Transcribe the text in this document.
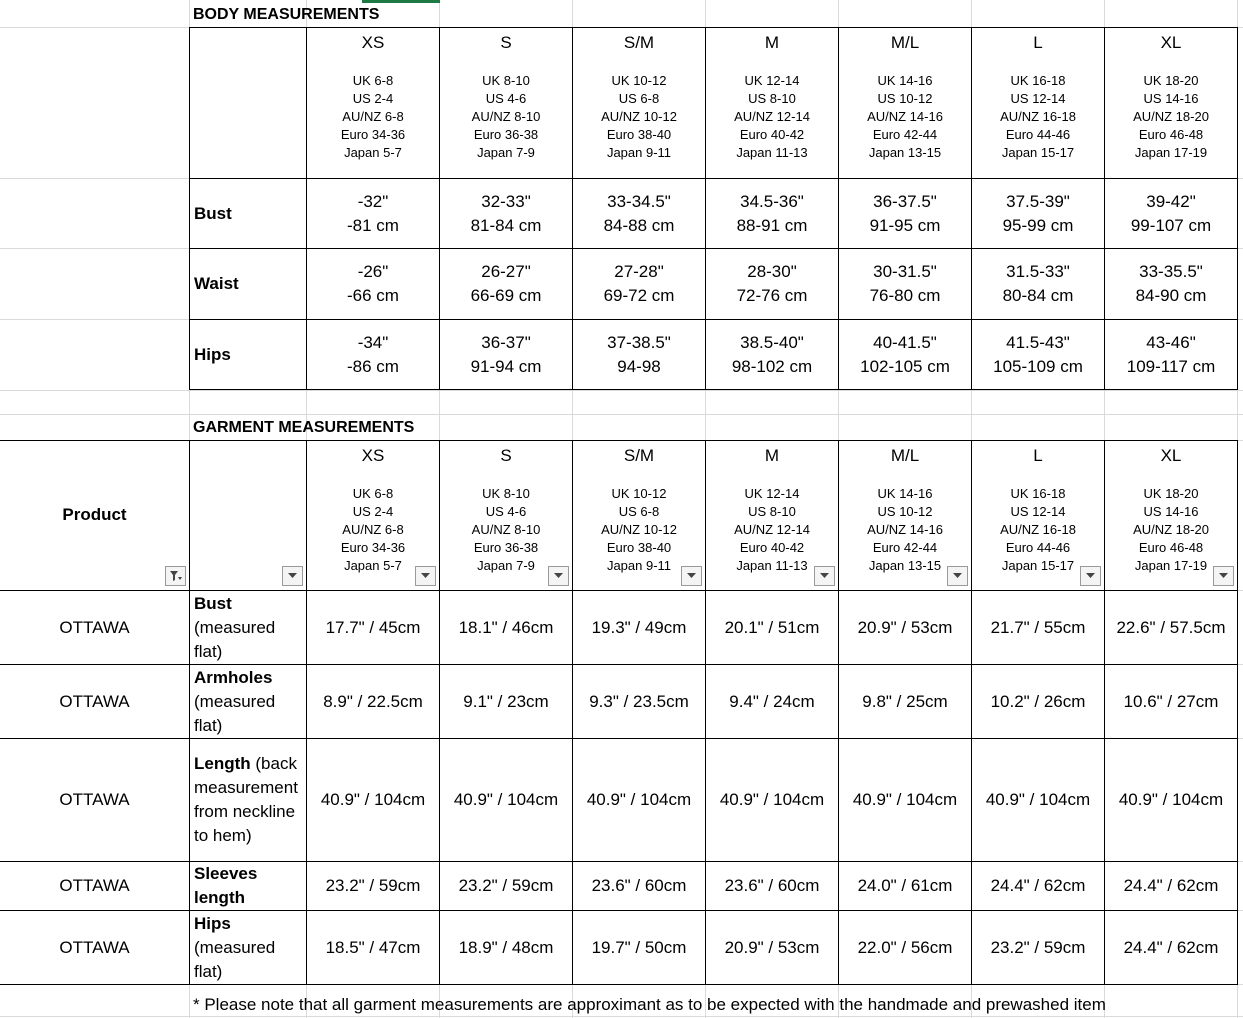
BODY MEASUREMENTS
XS
UK 6-8
US 2-4
AU/NZ 6-8
Euro 34-36
Japan 5-7
S
UK 8-10
US 4-6
AU/NZ 8-10
Euro 36-38
Japan 7-9
S/M
UK 10-12
US 6-8
AU/NZ 10-12
Euro 38-40
Japan 9-11
M
UK 12-14
US 8-10
AU/NZ 12-14
Euro 40-42
Japan 11-13
M/L
UK 14-16
US 10-12
AU/NZ 14-16
Euro 42-44
Japan 13-15
L
UK 16-18
US 12-14
AU/NZ 16-18
Euro 44-46
Japan 15-17
XL
UK 18-20
US 14-16
AU/NZ 18-20
Euro 46-48
Japan 17-19
Bust
-32"
-81 cm
32-33"
81-84 cm
33-34.5"
84-88 cm
34.5-36"
88-91 cm
36-37.5"
91-95 cm
37.5-39"
95-99 cm
39-42"
99-107 cm
Waist
-26"
-66 cm
26-27"
66-69 cm
27-28"
69-72 cm
28-30"
72-76 cm
30-31.5"
76-80 cm
31.5-33"
80-84 cm
33-35.5"
84-90 cm
Hips
-34"
-86 cm
36-37"
91-94 cm
37-38.5"
94-98
38.5-40"
98-102 cm
40-41.5"
102-105 cm
41.5-43"
105-109 cm
43-46"
109-117 cm
GARMENT MEASUREMENTS
Product
XS
UK 6-8
US 2-4
AU/NZ 6-8
Euro 34-36
Japan 5-7
S
UK 8-10
US 4-6
AU/NZ 8-10
Euro 36-38
Japan 7-9
S/M
UK 10-12
US 6-8
AU/NZ 10-12
Euro 38-40
Japan 9-11
M
UK 12-14
US 8-10
AU/NZ 12-14
Euro 40-42
Japan 11-13
M/L
UK 14-16
US 10-12
AU/NZ 14-16
Euro 42-44
Japan 13-15
L
UK 16-18
US 12-14
AU/NZ 16-18
Euro 44-46
Japan 15-17
XL
UK 18-20
US 14-16
AU/NZ 18-20
Euro 46-48
Japan 17-19
OTTAWA
Bust
(measured
flat)
17.7" / 45cm 18.1" / 46cm 19.3" / 49cm 20.1" / 51cm 20.9" / 53cm 21.7" / 55cm 22.6" / 57.5cm
OTTAWA
Armholes
(measured
flat)
8.9" / 22.5cm 9.1" / 23cm 9.3" / 23.5cm 9.4" / 24cm	9.8" / 25cm	10.2" / 26cm 10.6" / 27cm
OTTAWA
Length (back
measurement
from neckline
to hem)
40.9" / 104cm 40.9" / 104cm 40.9" / 104cm 40.9" / 104cm 40.9" / 104cm 40.9" / 104cm 40.9" / 104cm
OTTAWA
Sleeves
length
23.2" / 59cm 23.2" / 59cm 23.6" / 60cm 23.6" / 60cm 24.0" / 61cm 24.4" / 62cm 24.4" / 62cm
OTTAWA
Hips
(measured
flat)
18.5" / 47cm 18.9" / 48cm 19.7" / 50cm 20.9" / 53cm 22.0" / 56cm 23.2" / 59cm 24.4" / 62cm
* Please note that all garment measurements are approximant as to be expected with the handmade and prewashed item
